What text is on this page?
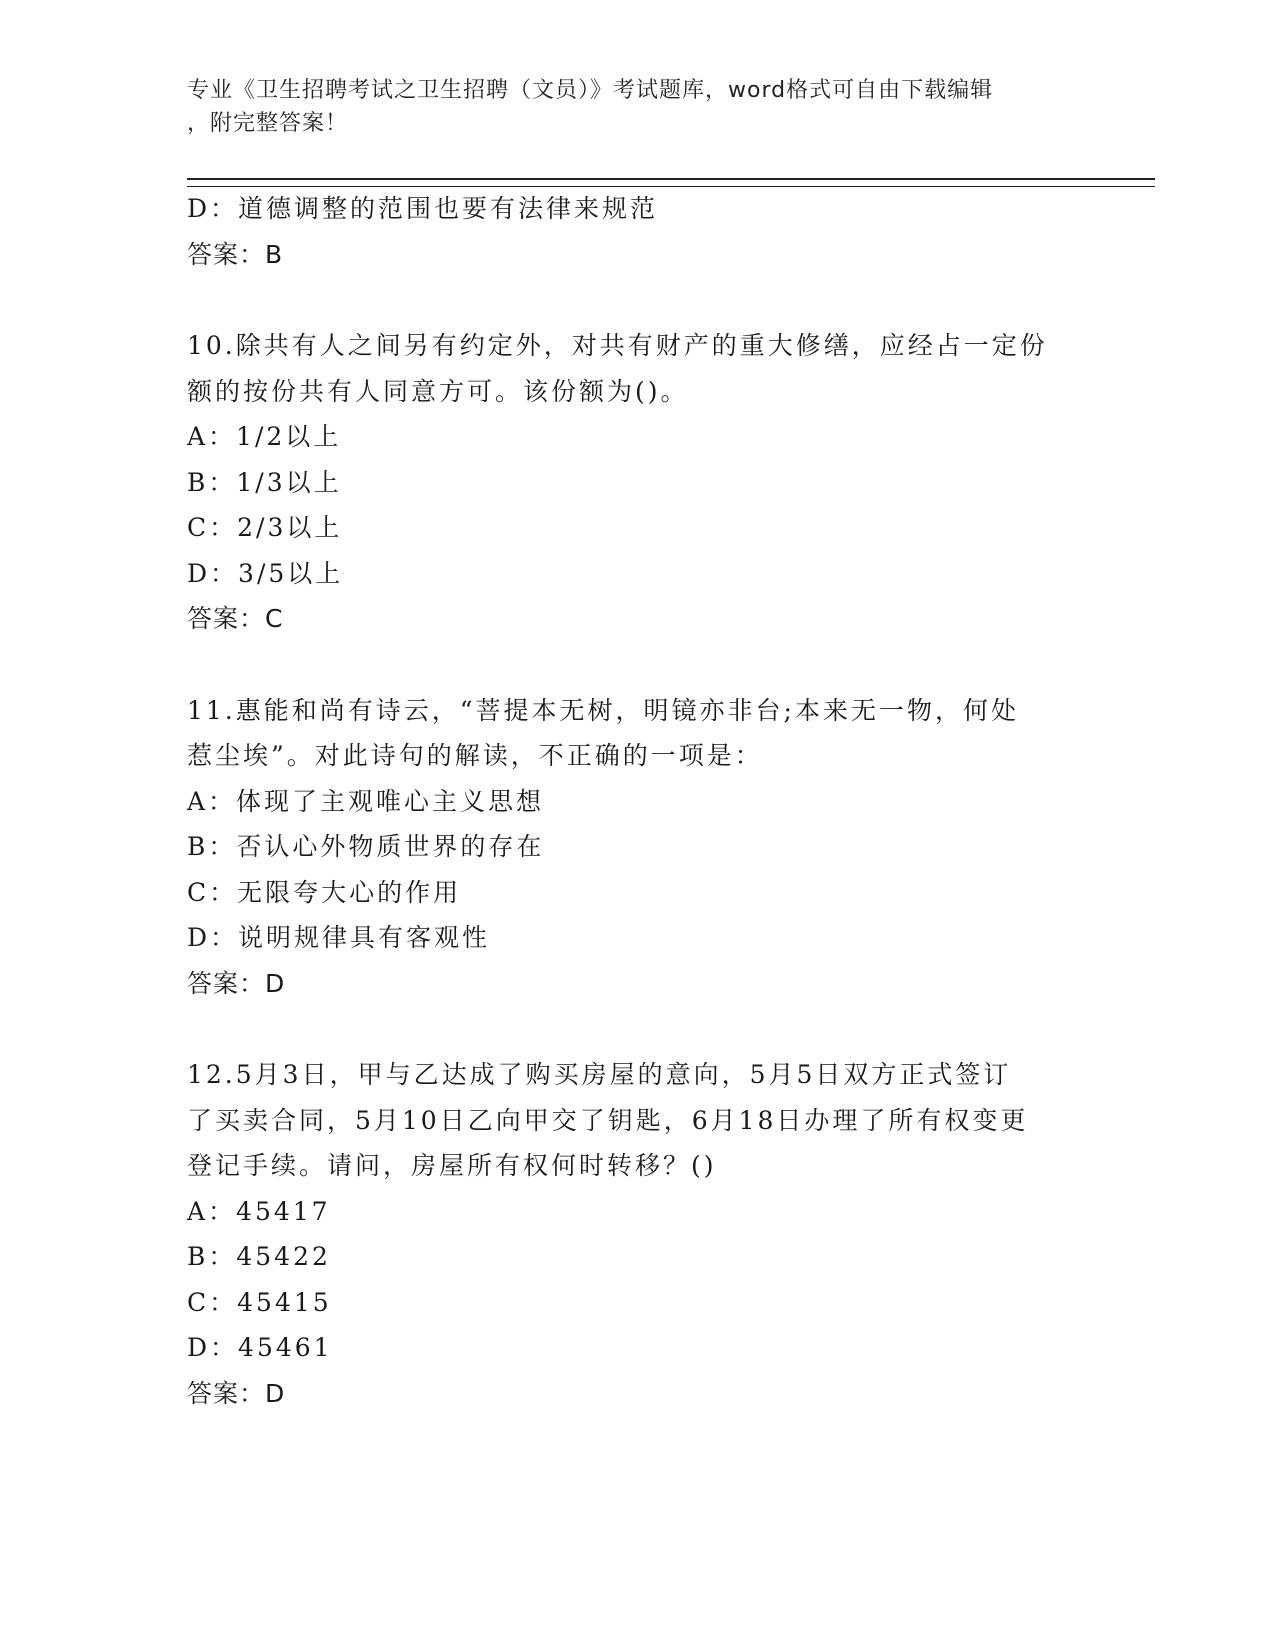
专业《卫生招聘考试之卫生招聘（文员）》考试题库，word格式可自由下载编辑
，附完整答案！
D：道德调整的范围也要有法律来规范
答案：B
10.除共有人之间另有约定外，对共有财产的重大修缮，应经占一定份
额的按份共有人同意方可。该份额为()。
A：1/2以上
B：1/3以上
C：2/3以上
D：3/5以上
答案：C
11.惠能和尚有诗云，“菩提本无树，明镜亦非台;本来无一物，何处
惹尘埃”。对此诗句的解读，不正确的一项是：
A：体现了主观唯心主义思想
B：否认心外物质世界的存在
C：无限夸大心的作用
D：说明规律具有客观性
答案：D
12.5月3日，甲与乙达成了购买房屋的意向，5月5日双方正式签订
了买卖合同，5月10日乙向甲交了钥匙，6月18日办理了所有权变更
登记手续。请问，房屋所有权何时转移？()
A：45417
B：45422
C：45415
D：45461
答案：D
